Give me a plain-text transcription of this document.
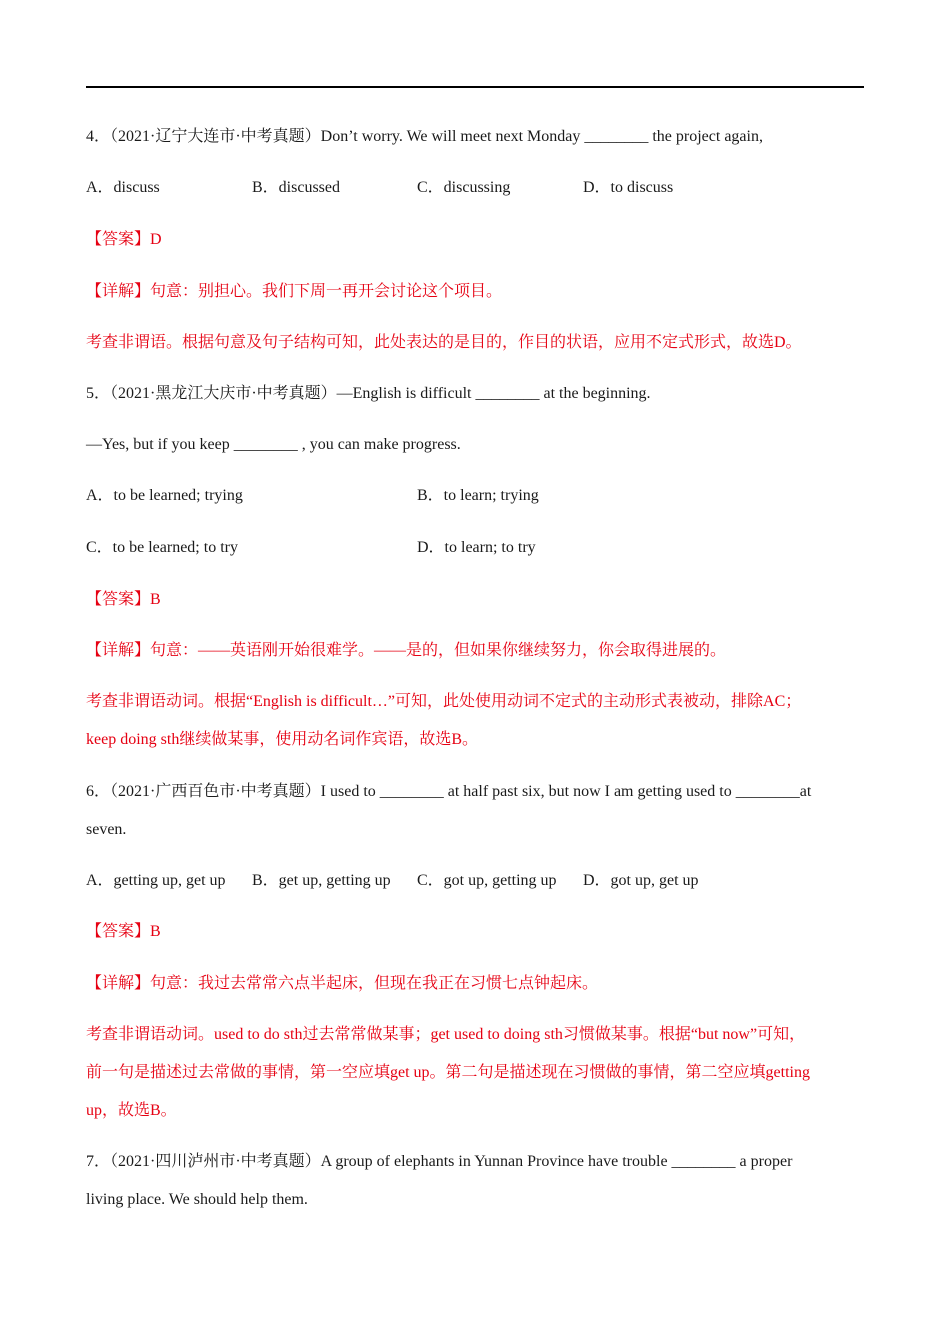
4．（2021·辽宁大连市·中考真题）Don’t worry. We will meet next Monday ________ the project again,
A．discuss	B．discussed	C．discussing	D．to discuss
【答案】D
【详解】句意：别担心。我们下周一再开会讨论这个项目。
考查非谓语。根据句意及句子结构可知，此处表达的是目的，作目的状语，应用不定式形式，故选D。
5．（2021·黑龙江大庆市·中考真题）—English is difficult ________ at the beginning.
—Yes, but if you keep ________ , you can make progress.
A．to be learned; trying	B．to learn; trying
C．to be learned; to try	D．to learn; to try
【答案】B
【详解】句意：——英语刚开始很难学。——是的，但如果你继续努力，你会取得进展的。
考查非谓语动词。根据“English is difficult…”可知，此处使用动词不定式的主动形式表被动，排除AC；
keep doing sth继续做某事，使用动名词作宾语，故选B。
6．（2021·广西百色市·中考真题）I used to ________ at half past six, but now I am getting used to ________at
seven.
A．getting up, get up B．get up, getting up C．got up, getting up D．got up, get up
【答案】B
【详解】句意：我过去常常六点半起床，但现在我正在习惯七点钟起床。
考查非谓语动词。used to do sth过去常常做某事；get used to doing sth习惯做某事。根据“but now”可知，
前一句是描述过去常做的事情，第一空应填get up。第二句是描述现在习惯做的事情，第二空应填getting
up，故选B。
7．（2021·四川泸州市·中考真题）A group of elephants in Yunnan Province have trouble ________ a proper
living place. We should help them.
